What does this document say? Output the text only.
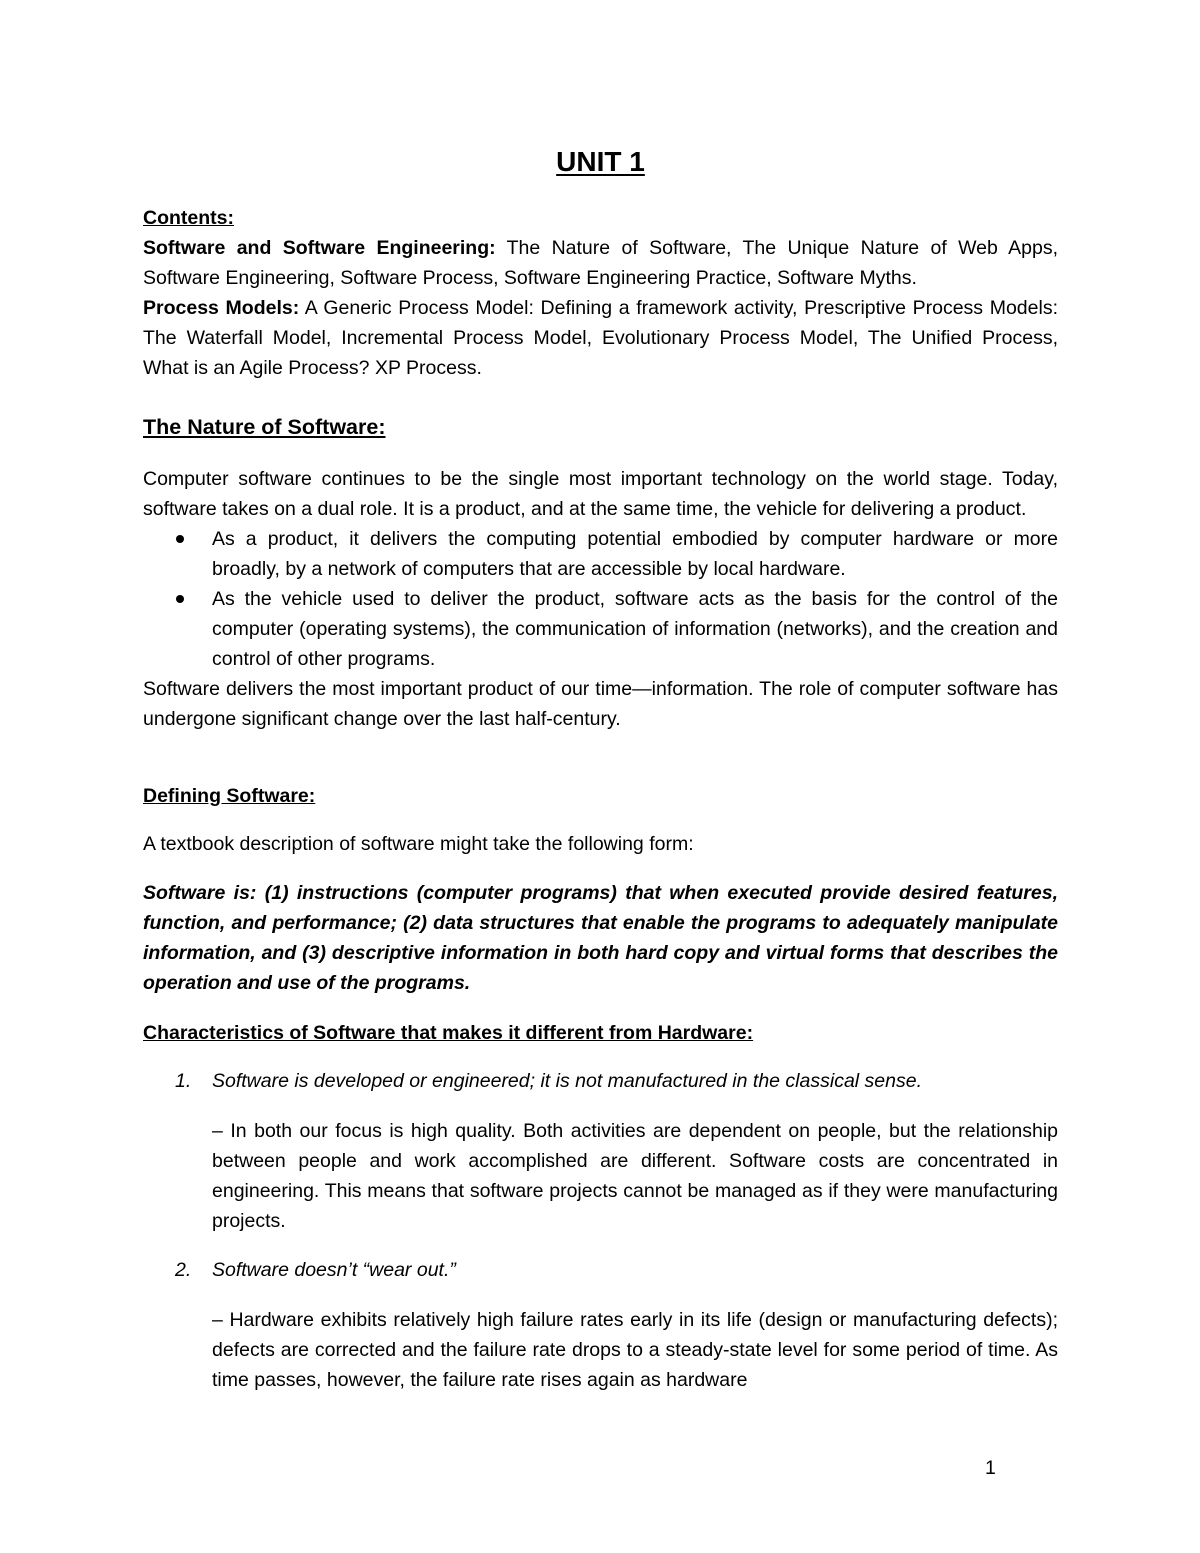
UNIT 1

Contents:

Software and Software Engineering: The Nature of Software, The Unique Nature of Web Apps, Software Engineering, Software Process, Software Engineering Practice, Software Myths.

Process Models: A Generic Process Model: Defining a framework activity, Prescriptive Process Models: The Waterfall Model, Incremental Process Model, Evolutionary Process Model, The Unified Process, What is an Agile Process? XP Process.

The Nature of Software:

Computer software continues to be the single most important technology on the world stage. Today, software takes on a dual role. It is a product, and at the same time, the vehicle for delivering a product.

As a product, it delivers the computing potential embodied by computer hardware or more broadly, by a network of computers that are accessible by local hardware.
As the vehicle used to deliver the product, software acts as the basis for the control of the computer (operating systems), the communication of information (networks), and the creation and control of other programs.

Software delivers the most important product of our time—information. The role of computer software has undergone significant change over the last half-century.

Defining Software:
A textbook description of software might take the following form:
Software is: (1) instructions (computer programs) that when executed provide desired features, function, and performance; (2) data structures that enable the programs to adequately manipulate information, and (3) descriptive information in both hard copy and virtual forms that describes the operation and use of the programs.
Characteristics of Software that makes it different from Hardware:
1. Software is developed or engineered; it is not manufactured in the classical sense.
– In both our focus is high quality. Both activities are dependent on people, but the relationship between people and work accomplished are different. Software costs are concentrated in engineering. This means that software projects cannot be managed as if they were manufacturing projects.
2. Software doesn’t “wear out.”
– Hardware exhibits relatively high failure rates early in its life (design or manufacturing defects); defects are corrected and the failure rate drops to a steady-state level for some period of time. As time passes, however, the failure rate rises again as hardware
1
